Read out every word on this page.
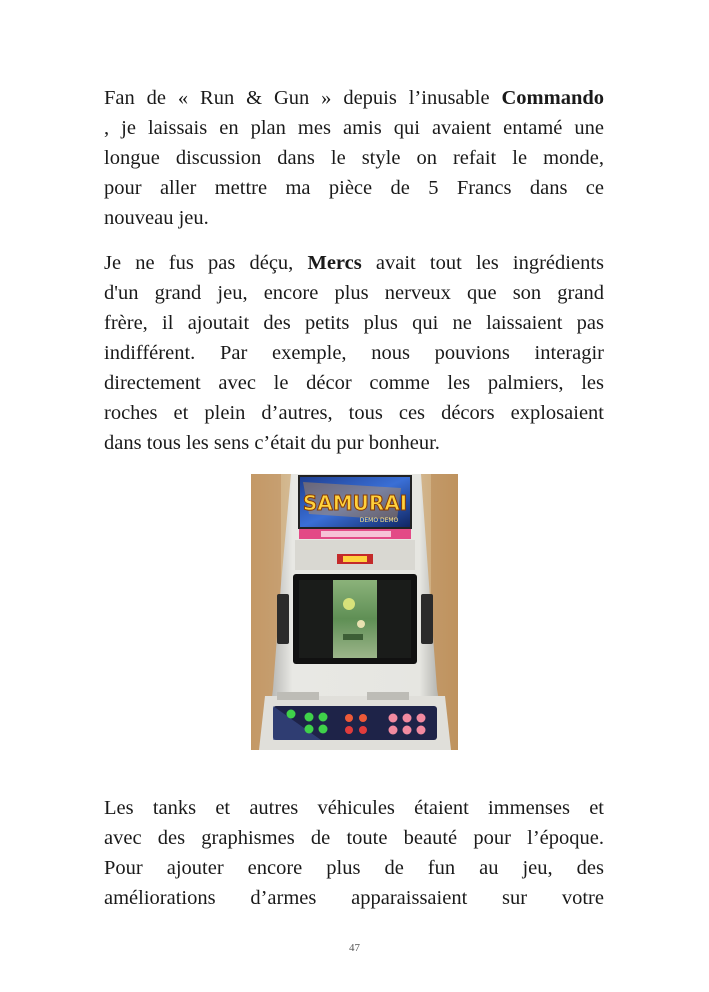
Fan de « Run & Gun » depuis l’inusable Commando
, je laissais en plan mes amis qui avaient entamé une
longue discussion dans le style on refait le monde,
pour aller mettre ma pièce de 5 Francs dans ce
nouveau jeu.
Je ne fus pas déçu, Mercs avait tout les ingrédients
d'un grand jeu, encore plus nerveux que son grand
frère, il ajoutait des petits plus qui ne laissaient pas
indifférent. Par exemple, nous pouvions interagir
directement avec le décor comme les palmiers, les
roches et plein d’autres, tous ces décors explosaient
dans tous les sens c’était du pur bonheur.
SAMURAI
DEMO DEMO
Les tanks et autres véhicules étaient immenses et
avec des graphismes de toute beauté pour l’époque.
Pour ajouter encore plus de fun au jeu, des
améliorations d’armes apparaissaient sur votre
47
